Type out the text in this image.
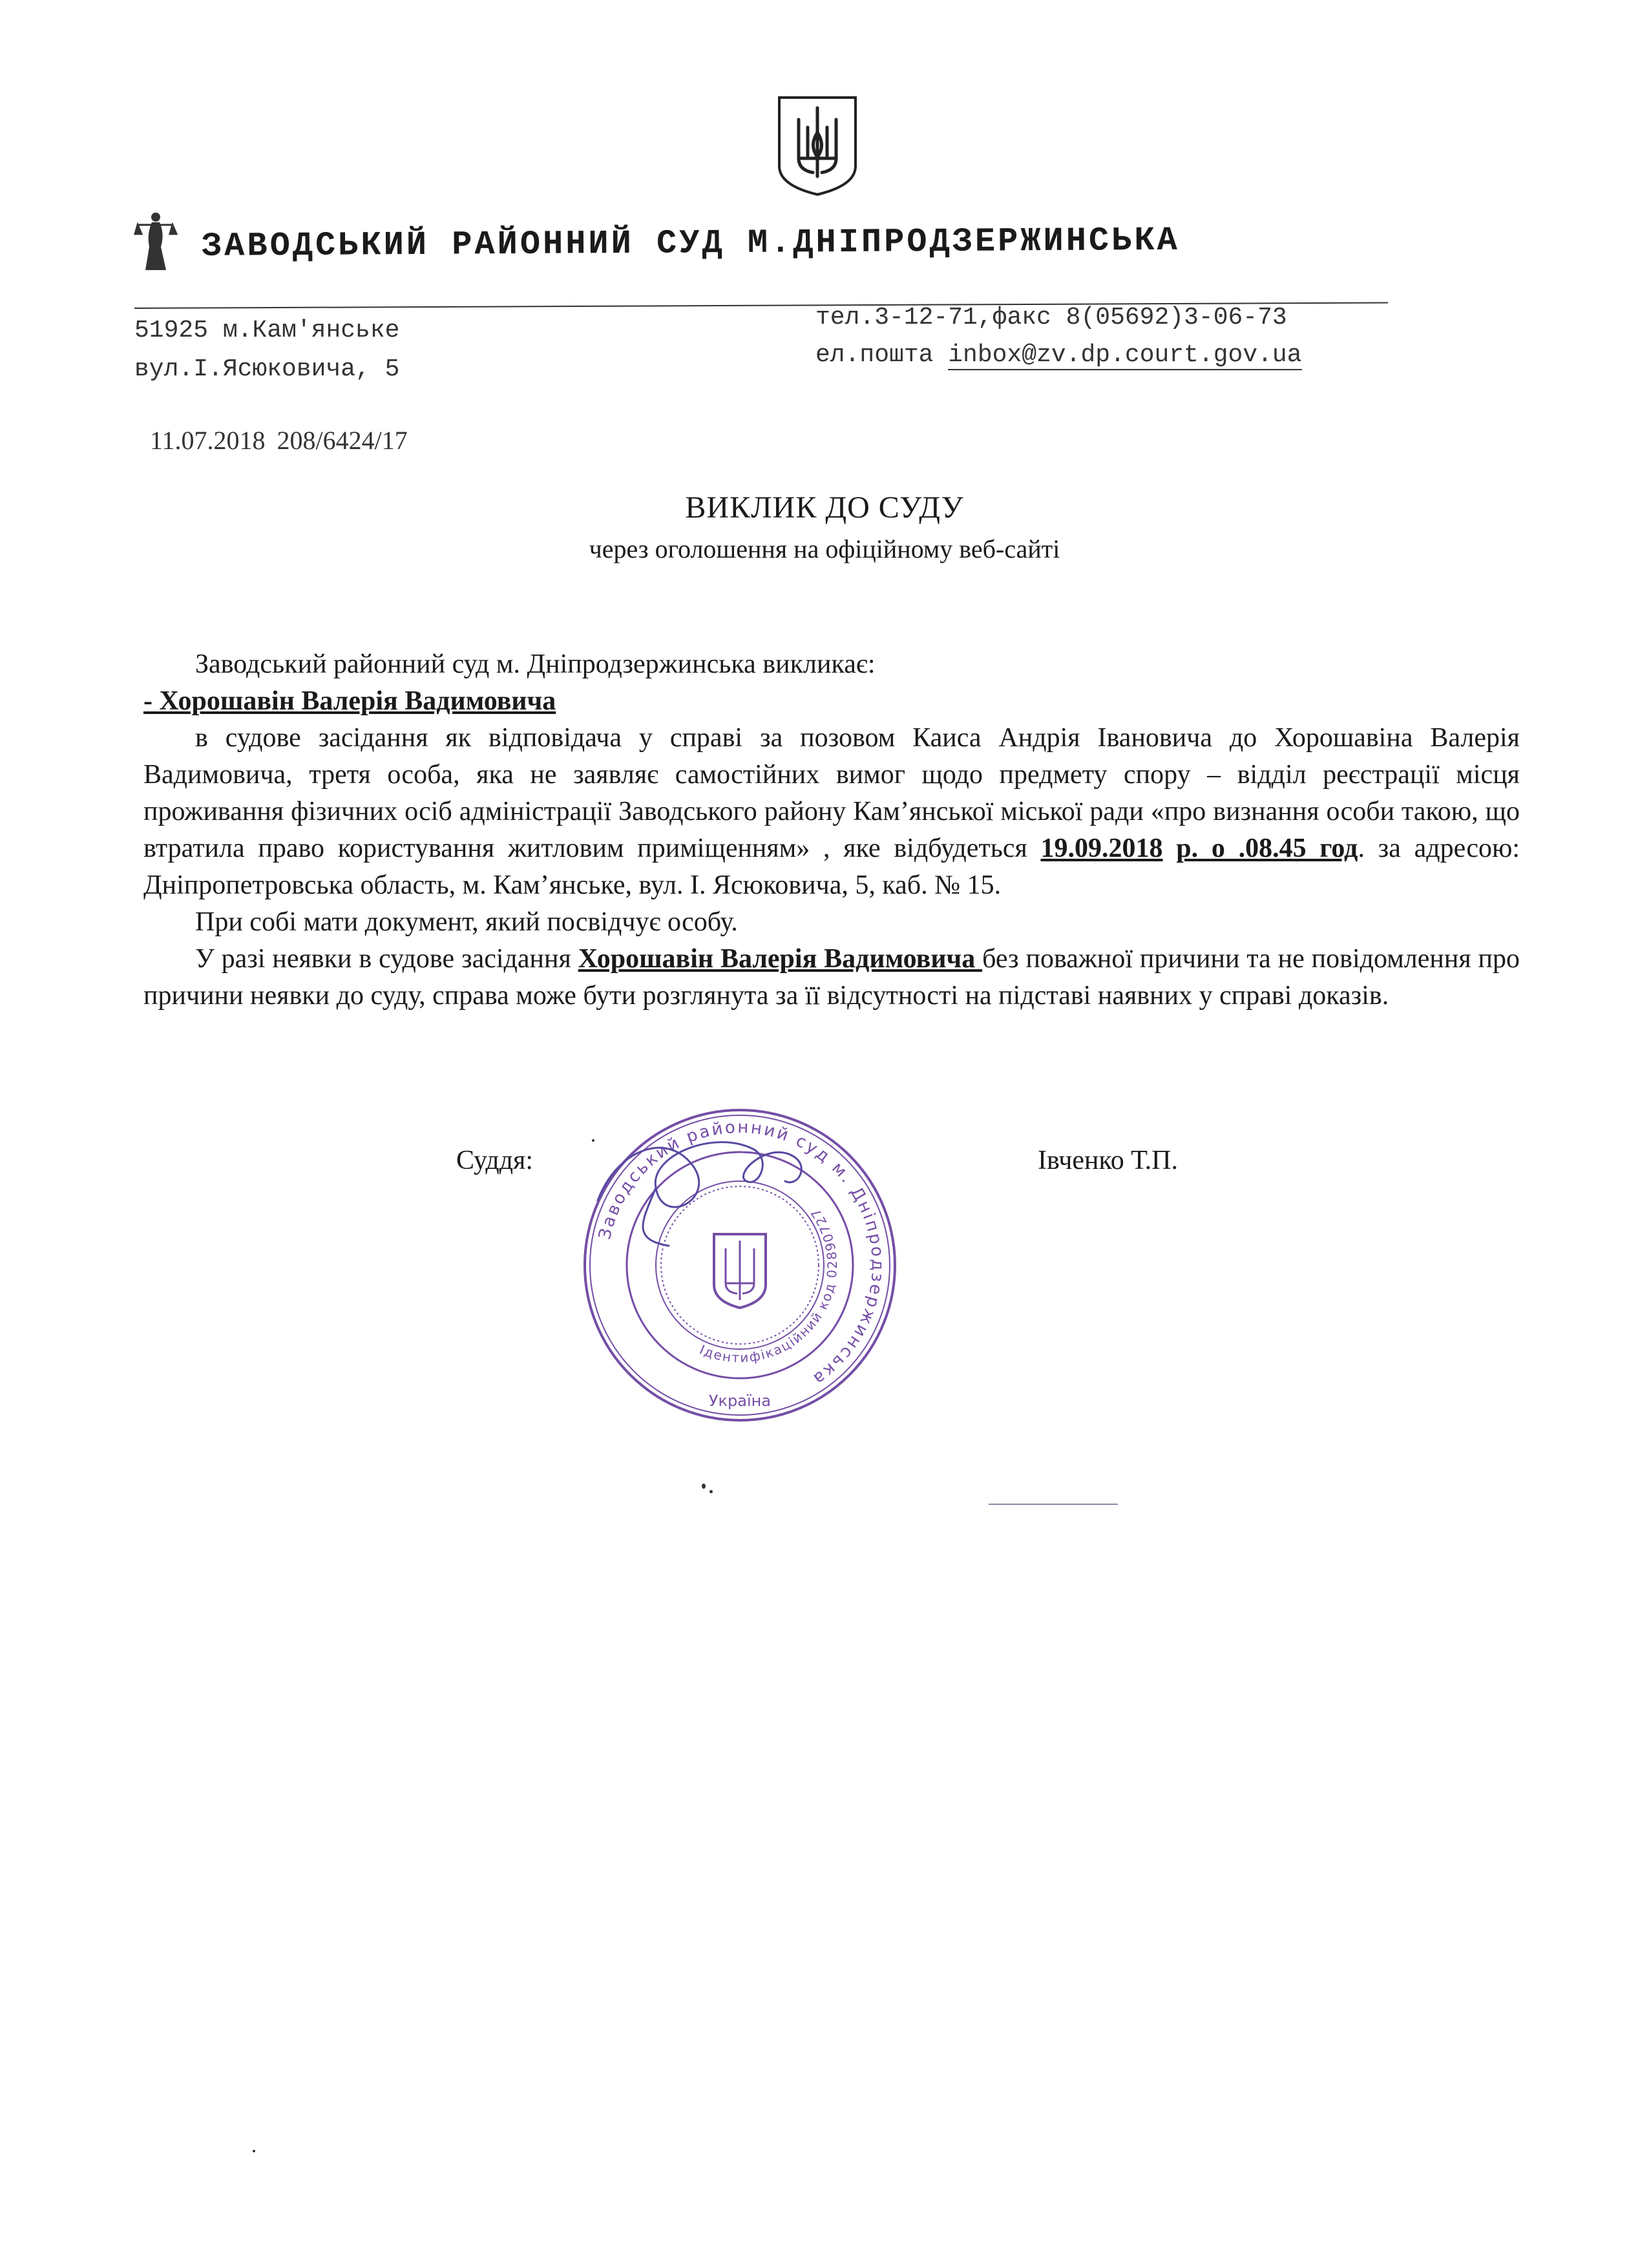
ЗАВОДСЬКИЙ РАЙОННИЙ СУД М.ДНІПРОДЗЕРЖИНСЬКА
51925 м.Кам'янське
вул.І.Ясюковича, 5
тел.3-12-71,факс 8(05692)3-06-73
ел.пошта inbox@zv.dp.court.gov.ua
11.07.2018 208/6424/17
ВИКЛИК ДО СУДУ
через оголошення на офіційному веб-сайті

Заводський районний суд м. Дніпродзержинська викликає:

- Хорошавін Валерія Вадимовича

в судове засідання як відповідача у справі за позовом Каиса Андрія Івановича до Хорошавіна Валерія Вадимовича, третя особа, яка не заявляє самостійних вимог щодо предмету спору – відділ реєстрації місця проживання фізичних осіб адміністрації Заводського району Кам’янської міської ради «про визнання особи такою, що втратила право користування житловим приміщенням» , яке відбудеться 19.09.2018 р. о .08.45 год. за адресою: Дніпропетровська область, м. Кам’янське, вул. І. Ясюковича, 5, каб. № 15.

При собі мати документ, який посвідчує особу.

У разі неявки в судове засідання Хорошавін Валерія Вадимовича без поважної причини та не повідомлення про причини неявки до суду, справа може бути розглянута за її відсутності на підставі наявних у справі доказів.

Суддя:	Івченко Т.П.
Заводський районний суд м. Дніпродзержинська
Ідентифікаційний код 02890727
Україна
